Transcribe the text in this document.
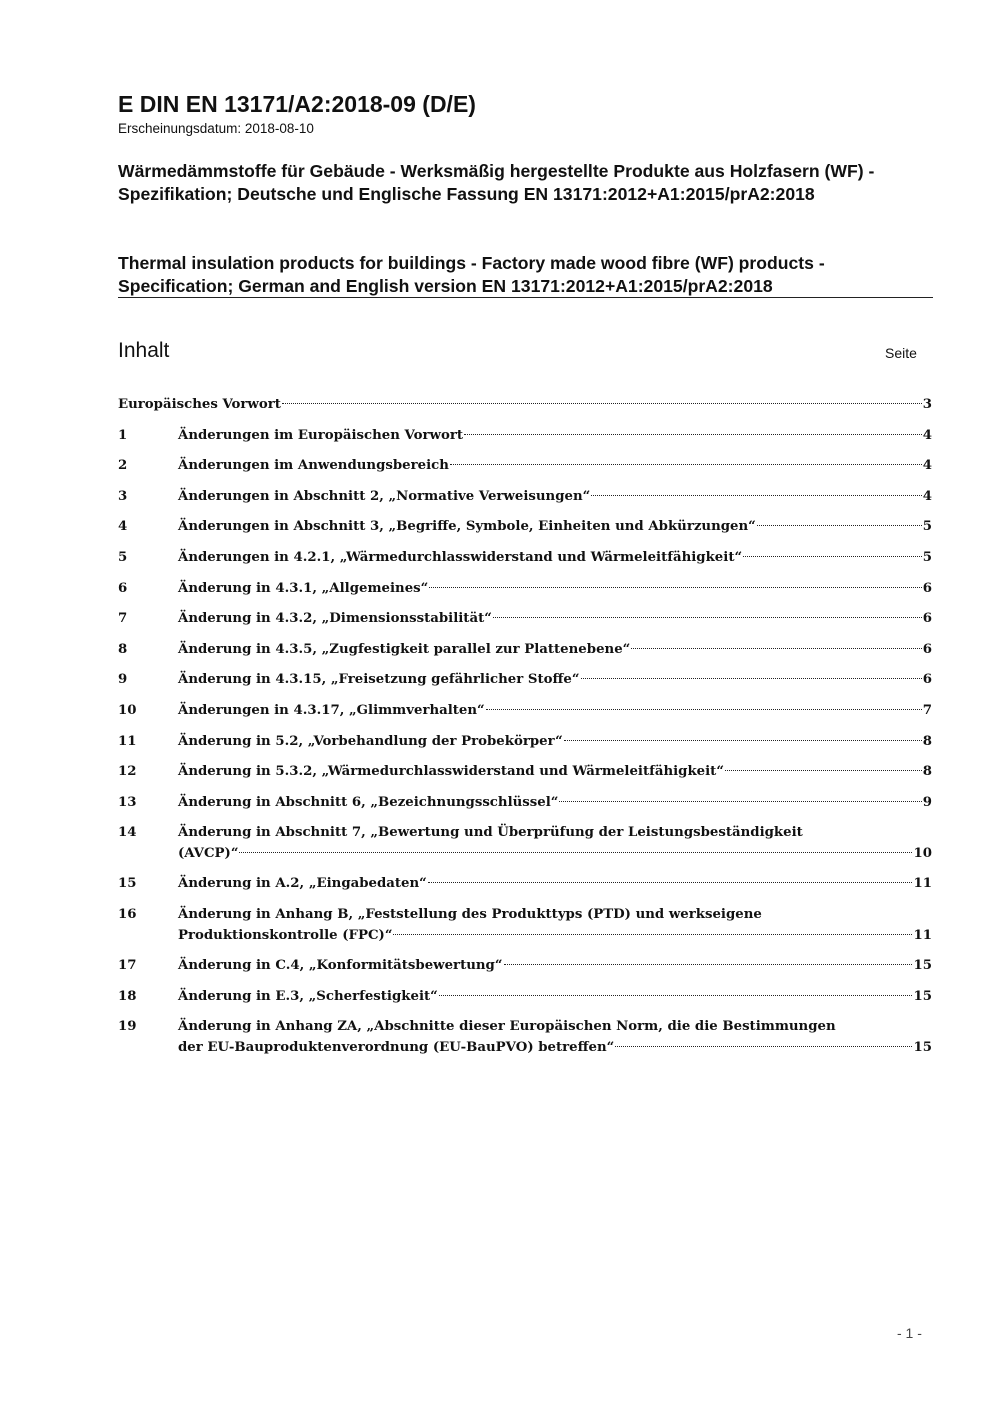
E DIN EN 13171/A2:2018-09 (D/E)
Erscheinungsdatum: 2018-08-10
Wärmedämmstoffe für Gebäude - Werksmäßig hergestellte Produkte aus Holzfasern (WF) - Spezifikation; Deutsche und Englische Fassung EN 13171:2012+A1:2015/prA2:2018
Thermal insulation products for buildings - Factory made wood fibre (WF) products - Specification; German and English version EN 13171:2012+A1:2015/prA2:2018
Inhalt	Seite
Europäisches Vorwort	3
1	Änderungen im Europäischen Vorwort	4
2	Änderungen im Anwendungsbereich	4
3	Änderungen in Abschnitt 2, „Normative Verweisungen“	4
4	Änderungen in Abschnitt 3, „Begriffe, Symbole, Einheiten und Abkürzungen“	5
5	Änderungen in 4.2.1, „Wärmedurchlasswiderstand und Wärmeleitfähigkeit“	5
6	Änderung in 4.3.1, „Allgemeines“	6
7	Änderung in 4.3.2, „Dimensionsstabilität“	6
8	Änderung in 4.3.5, „Zugfestigkeit parallel zur Plattenebene“	6
9	Änderung in 4.3.15, „Freisetzung gefährlicher Stoffe“	6
10	Änderungen in 4.3.17, „Glimmverhalten“	7
11	Änderung in 5.2, „Vorbehandlung der Probekörper“	8
12	Änderung in 5.3.2, „Wärmedurchlasswiderstand und Wärmeleitfähigkeit“	8
13	Änderung in Abschnitt 6, „Bezeichnungsschlüssel“	9
14	Änderung in Abschnitt 7, „Bewertung und Überprüfung der Leistungsbeständigkeit
(AVCP)“	10
15	Änderung in A.2, „Eingabedaten“	11
16	Änderung in Anhang B, „Feststellung des Produkttyps (PTD) und werkseigene
Produktionskontrolle (FPC)“	11
17	Änderung in C.4, „Konformitätsbewertung“	15
18	Änderung in E.3, „Scherfestigkeit“	15
19	Änderung in Anhang ZA, „Abschnitte dieser Europäischen Norm, die die Bestimmungen
der EU-Bauproduktenverordnung (EU-BauPVO) betreffen“	15
- 1 -
